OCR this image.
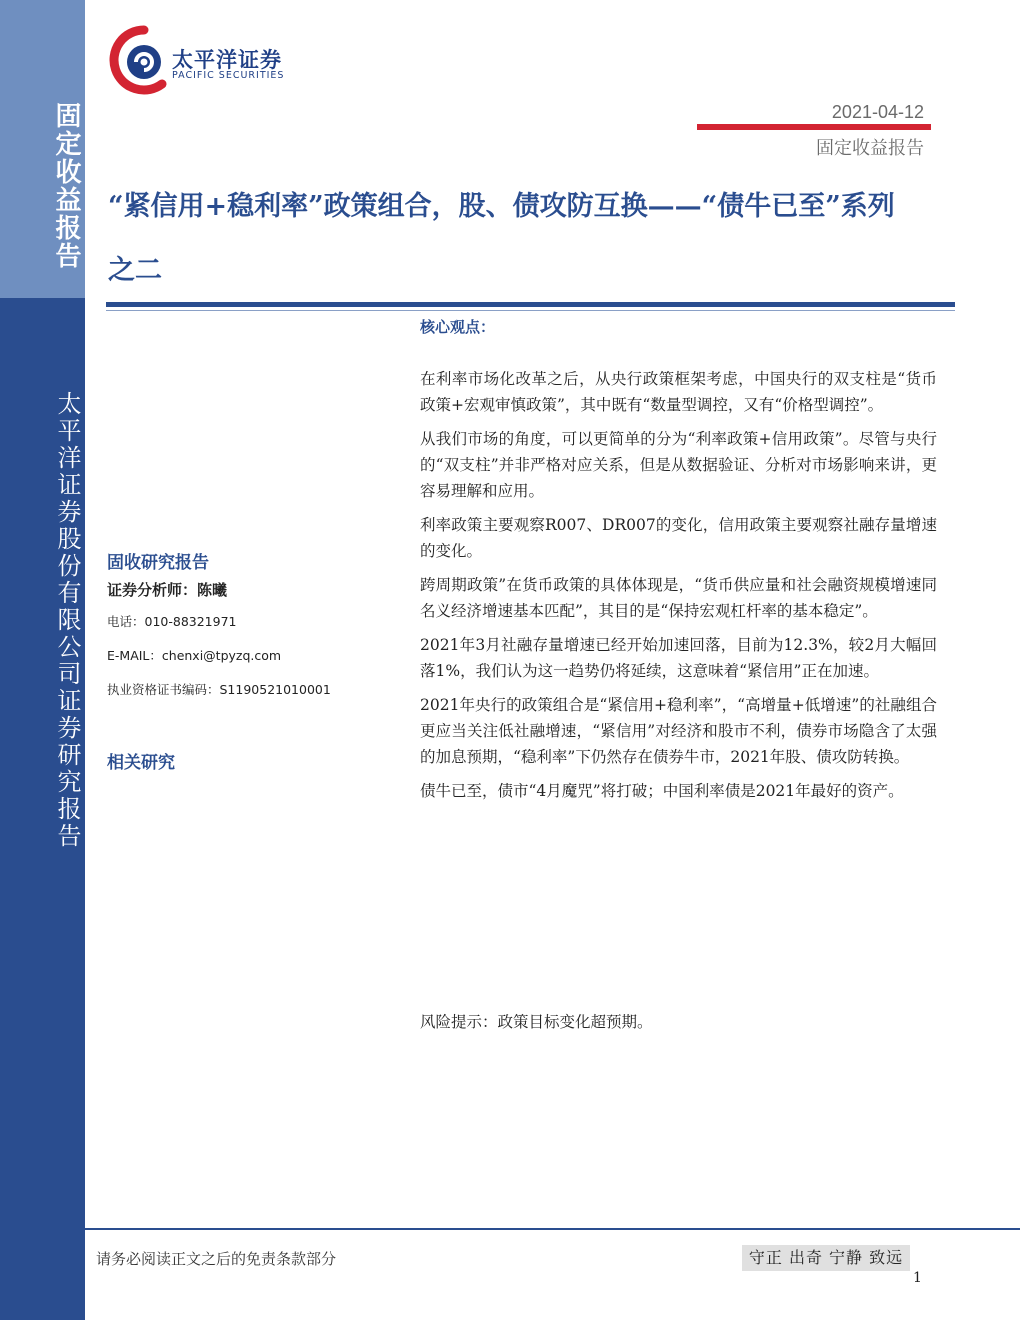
固定收益报告
太平洋证券股份有限公司证券研究报告
太平洋证券
PACIFIC SECURITIES
2021-04-12
固定收益报告
“紧信用+稳利率”政策组合，股、债攻防互换——“债牛已至”系列之二
核心观点：

在利率市场化改革之后，从央行政策框架考虑，中国央行的双支柱是“货币政策+宏观审慎政策”，其中既有“数量型调控，又有“价格型调控”。

从我们市场的角度，可以更简单的分为“利率政策+信用政策”。尽管与央行的“双支柱”并非严格对应关系，但是从数据验证、分析对市场影响来讲，更容易理解和应用。

利率政策主要观察R007、DR007的变化，信用政策主要观察社融存量增速的变化。

跨周期政策”在货币政策的具体体现是，“货币供应量和社会融资规模增速同名义经济增速基本匹配”，其目的是“保持宏观杠杆率的基本稳定”。

2021年3月社融存量增速已经开始加速回落，目前为12.3%，较2月大幅回落1%，我们认为这一趋势仍将延续，这意味着“紧信用”正在加速。

2021年央行的政策组合是“紧信用+稳利率”，“高增量+低增速”的社融组合更应当关注低社融增速，“紧信用”对经济和股市不利，债券市场隐含了太强的加息预期，“稳利率”下仍然存在债券牛市，2021年股、债攻防转换。

债牛已至，债市“4月魔咒”将打破；中国利率债是2021年最好的资产。

风险提示：政策目标变化超预期。
固收研究报告
证券分析师：陈曦
电话：010-88321971
E-MAIL：chenxi@tpyzq.com
执业资格证书编码：S1190521010001
相关研究
请务必阅读正文之后的免责条款部分	守正 出奇 宁静 致远
1
